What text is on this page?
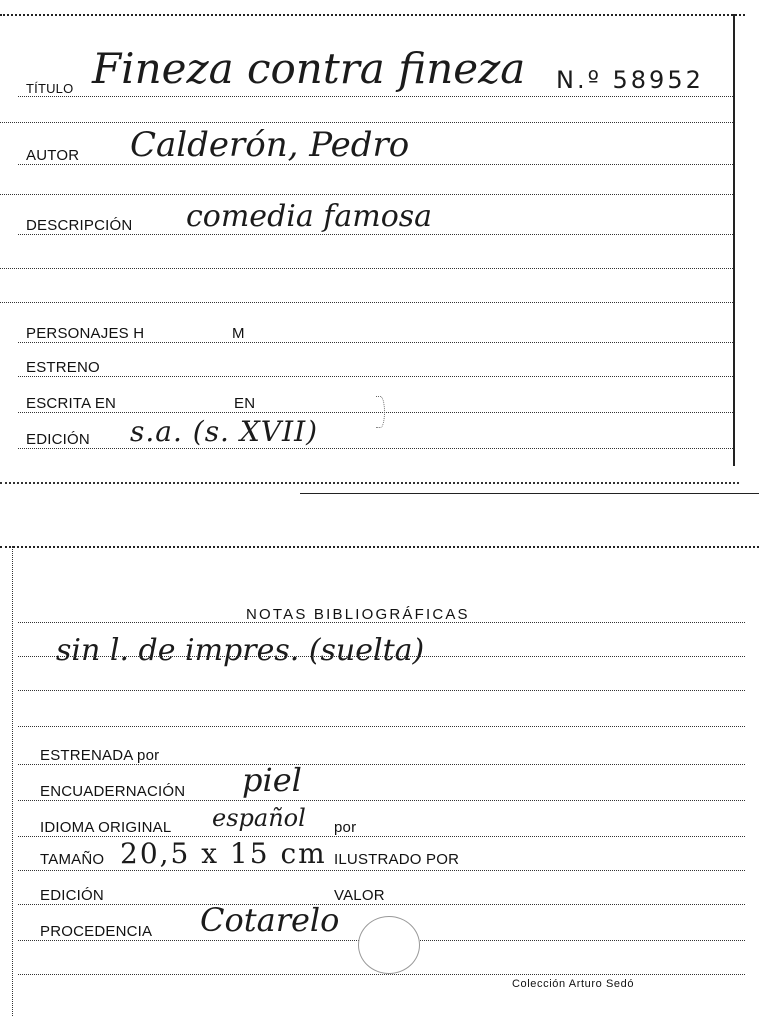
TÍTULO Fineza contra fineza N.º 58952
AUTOR Calderón, Pedro
DESCRIPCIÓN comedia famosa
PERSONAJES H	M
ESTRENO
ESCRITA EN	EN
EDICIÓN s.a. (s. XVII)
NOTAS BIBLIOGRÁFICAS
sin l. de impres. (suelta)
ESTRENADA por
ENCUADERNACIÓN piel
IDIOMA ORIGINAL español por
TAMAÑO 20,5 x 15 cm ILUSTRADO POR
EDICIÓN	VALOR
PROCEDENCIA Cotarelo
Colección Arturo Sedó
